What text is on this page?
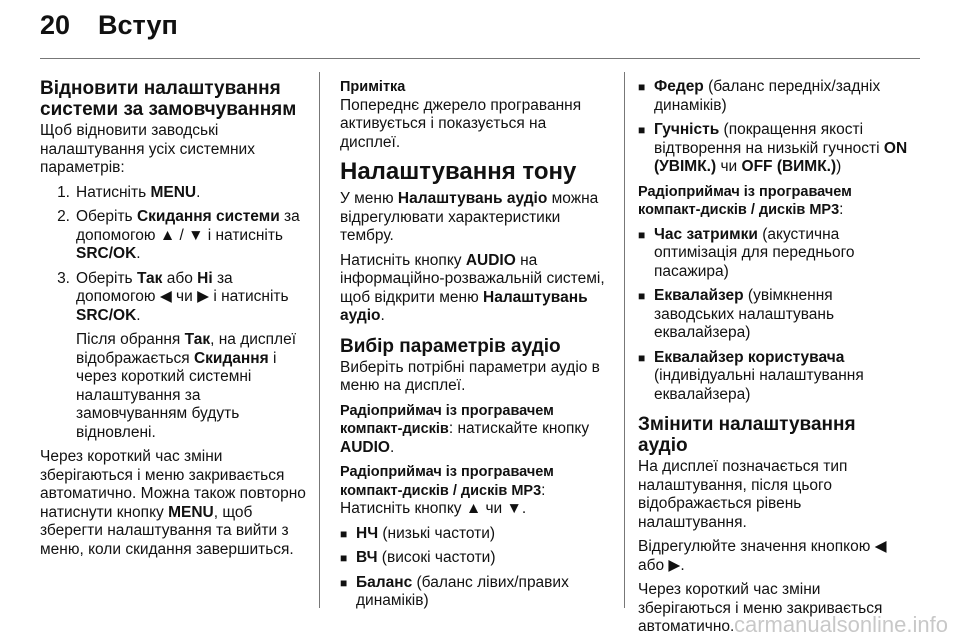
20 Вступ
Відновити налаштування системи за замовчуванням

Щоб відновити заводські налаштування усіх системних параметрів:

1. Натисніть MENU.
2. Оберіть Скидання системи за допомогою ▲ / ▼ і натисніть SRC/OK.
3. Оберіть Так або Ні за допомогою ◀ чи ▶ і натисніть SRC/OK.
Після обрання Так, на дисплеї відображається Скидання і через короткий системні налаштування за замовчуванням будуть відновлені.

Через короткий час зміни зберігаються і меню закривається автоматично. Можна також повторно натиснути кнопку MENU, щоб зберегти налаштування та вийти з меню, коли скидання завершиться.

Примітка

Попереднє джерело програвання активується і показується на дисплеї.

Налаштування тону

У меню Налаштувань аудіо можна відрегулювати характеристики тембру.

Натисніть кнопку AUDIO на інформаційно-розважальній системі, щоб відкрити меню Налаштувань аудіо.

Вибір параметрів аудіо

Виберіть потрібні параметри аудіо в меню на дисплеї.

Радіоприймач із програвачем компакт-дисків: натискайте кнопку AUDIO.

Радіоприймач із програвачем компакт-дисків / дисків MP3:
Натисніть кнопку ▲ чи ▼.

■ НЧ (низькі частоти)
■ ВЧ (високі частоти)
■ Баланс (баланс лівих/правих динаміків)
■ Федер (баланс передніх/задніх динаміків)
■ Гучність (покращення якості відтворення на низькій гучності ON (УВІМК.) чи OFF (ВИМК.))

Радіоприймач із програвачем компакт-дисків / дисків MP3:

■ Час затримки (акустична оптимізація для переднього пасажира)
■ Еквалайзер (увімкнення заводських налаштувань еквалайзера)
■ Еквалайзер користувача (індивідуальні налаштування еквалайзера)
Змінити налаштування аудіо

На дисплеї позначається тип налаштування, після цього відображається рівень налаштування.

Відрегулюйте значення кнопкою ◀ або ▶.

Через короткий час зміни зберігаються і меню закривається автоматично. carmanualsonline.info
